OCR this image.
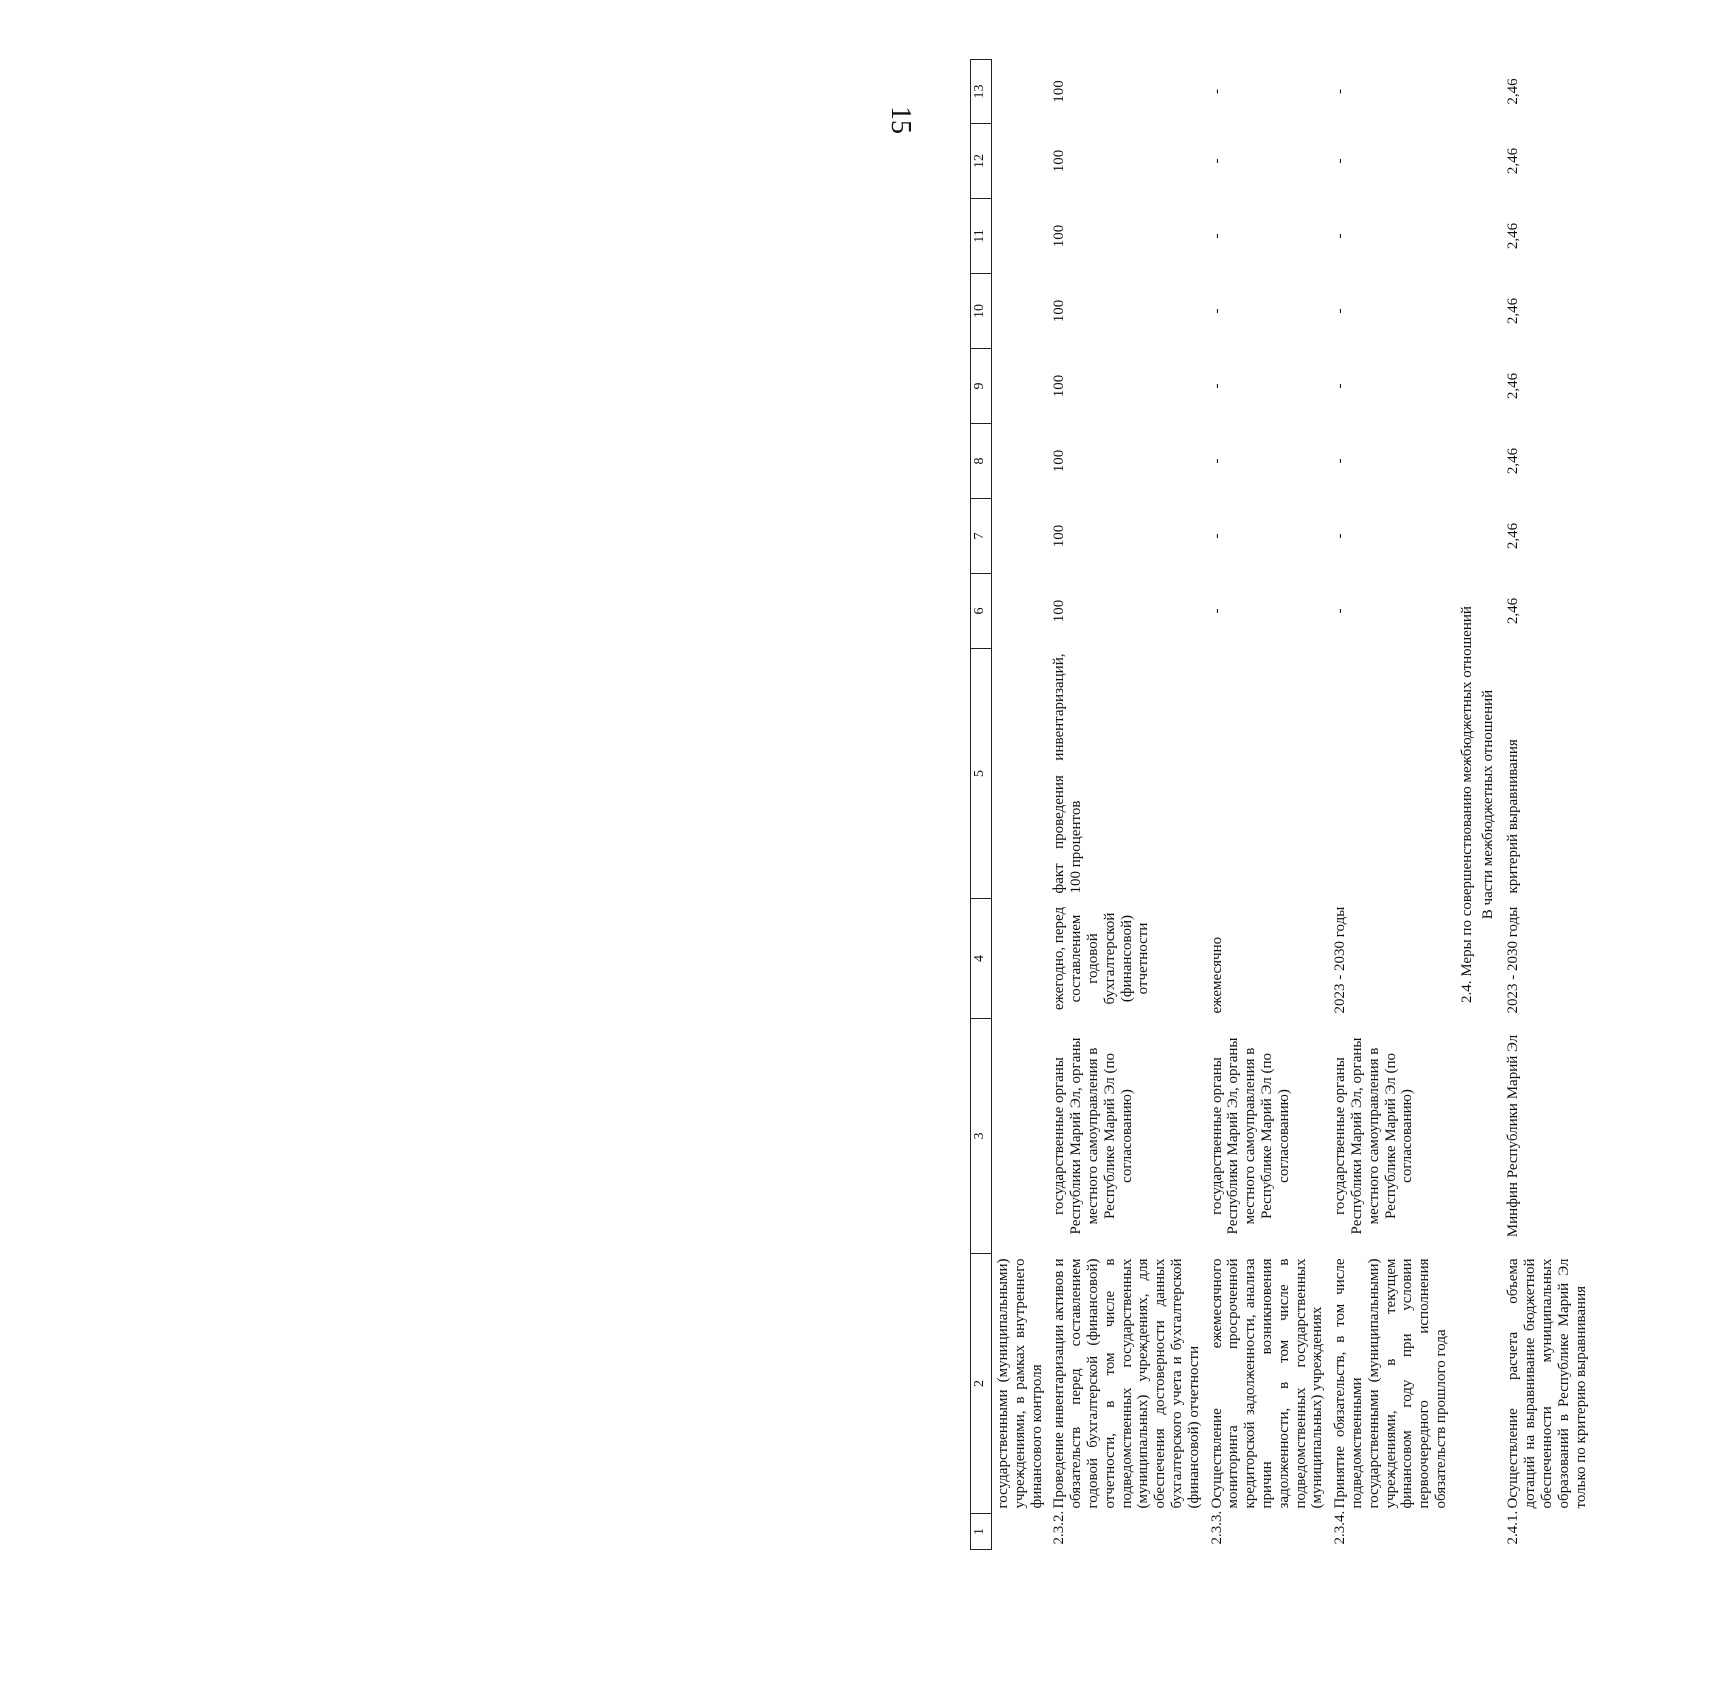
15
1	2	3	4	5	6	7	8	9	10	11	12	13
	государственными (муниципальными) учреждениями, в рамках внутреннего финансового контроля											
2.3.2.	Проведение инвентаризации активов и обязательств перед составлением годовой бухгалтерской (финансовой) отчетности, в том числе в подведомственных государственных (муниципальных) учреждениях, для обеспечения достоверности данных бухгалтерского учета и бухгалтерской (финансовой) отчетности	государственные органы Республики Марий Эл, органы местного самоуправления в Республике Марий Эл (по согласованию)	ежегодно, перед составлением годовой бухгалтерской (финансовой) отчетности	факт проведения инвентаризаций, 100 процентов	100	100	100	100	100	100	100	100
2.3.3.	Осуществление ежемесячного мониторинга просроченной кредиторской задолженности, анализа причин возникновения задолженности, в том числе в подведомственных государственных (муниципальных) учреждениях	государственные органы Республики Марий Эл, органы местного самоуправления в Республике Марий Эл (по согласованию)	ежемесячно		-	-	-	-	-	-	-	-
2.3.4.	Принятие обязательств, в том числе подведомственными государственными (муниципальными) учреждениями, в текущем финансовом году при условии первоочередного исполнения обязательств прошлого года	государственные органы Республики Марий Эл, органы местного самоуправления в Республике Марий Эл (по согласованию)	2023 - 2030 годы		-	-	-	-	-	-	-	-
2.4. Меры по совершенствованию межбюджетных отношений												
В части межбюджетных отношений												
2.4.1.	Осуществление расчета объема дотаций на выравнивание бюджетной обеспеченности муниципальных образований в Республике Марий Эл только по критерию выравнивания	Минфин Республики Марий Эл	2023 - 2030 годы	критерий выравнивания	2,46	2,46	2,46	2,46	2,46	2,46	2,46	2,46
